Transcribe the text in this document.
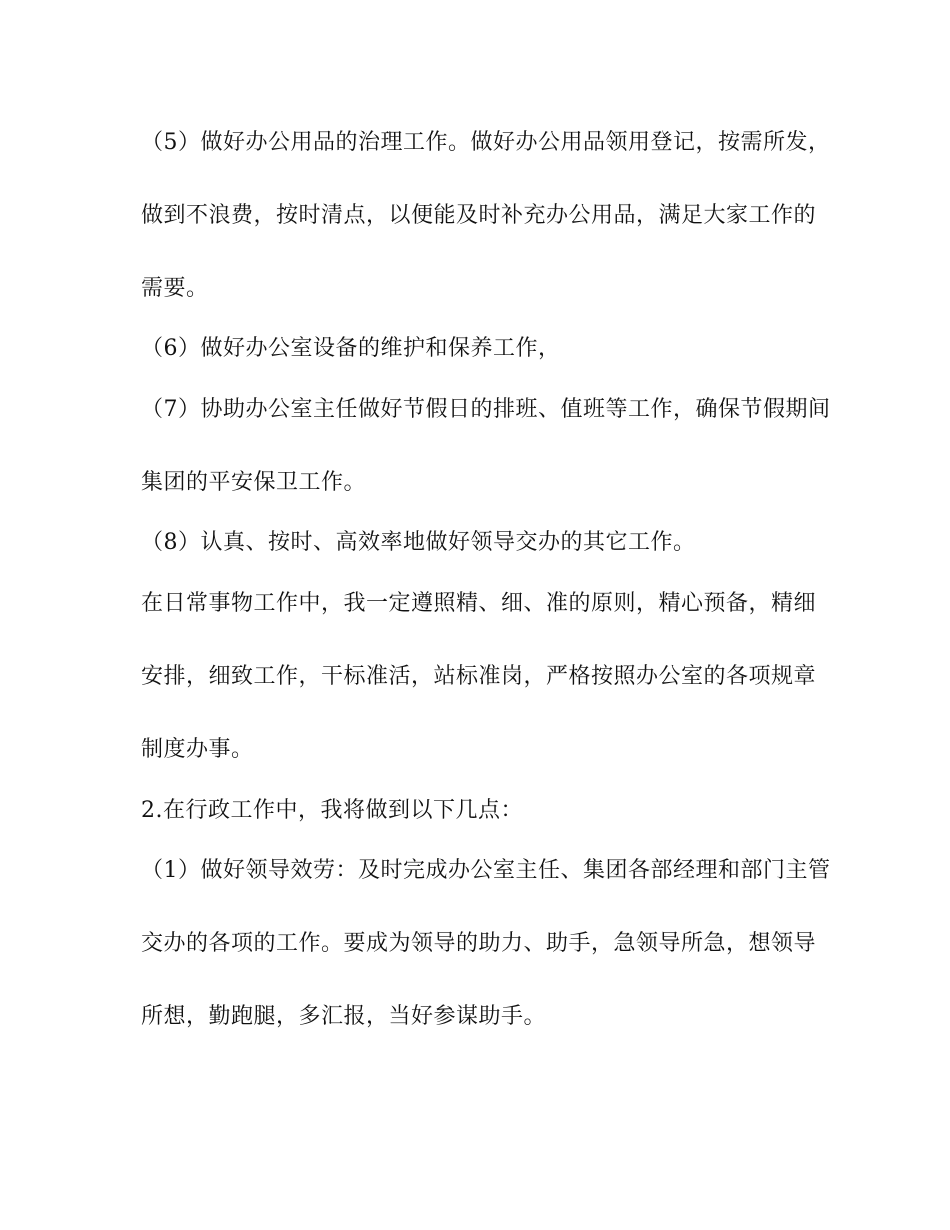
（5）做好办公用品的治理工作。做好办公用品领用登记，按需所发，
做到不浪费，按时清点，以便能及时补充办公用品，满足大家工作的
需要。
（6）做好办公室设备的维护和保养工作，
（7）协助办公室主任做好节假日的排班、值班等工作，确保节假期间
集团的平安保卫工作。
（8）认真、按时、高效率地做好领导交办的其它工作。
在日常事物工作中，我一定遵照精、细、准的原则，精心预备，精细
安排，细致工作，干标准活，站标准岗，严格按照办公室的各项规章
制度办事。
2.在行政工作中，我将做到以下几点：
（1）做好领导效劳：及时完成办公室主任、集团各部经理和部门主管
交办的各项的工作。要成为领导的助力、助手，急领导所急，想领导
所想，勤跑腿，多汇报，当好参谋助手。
